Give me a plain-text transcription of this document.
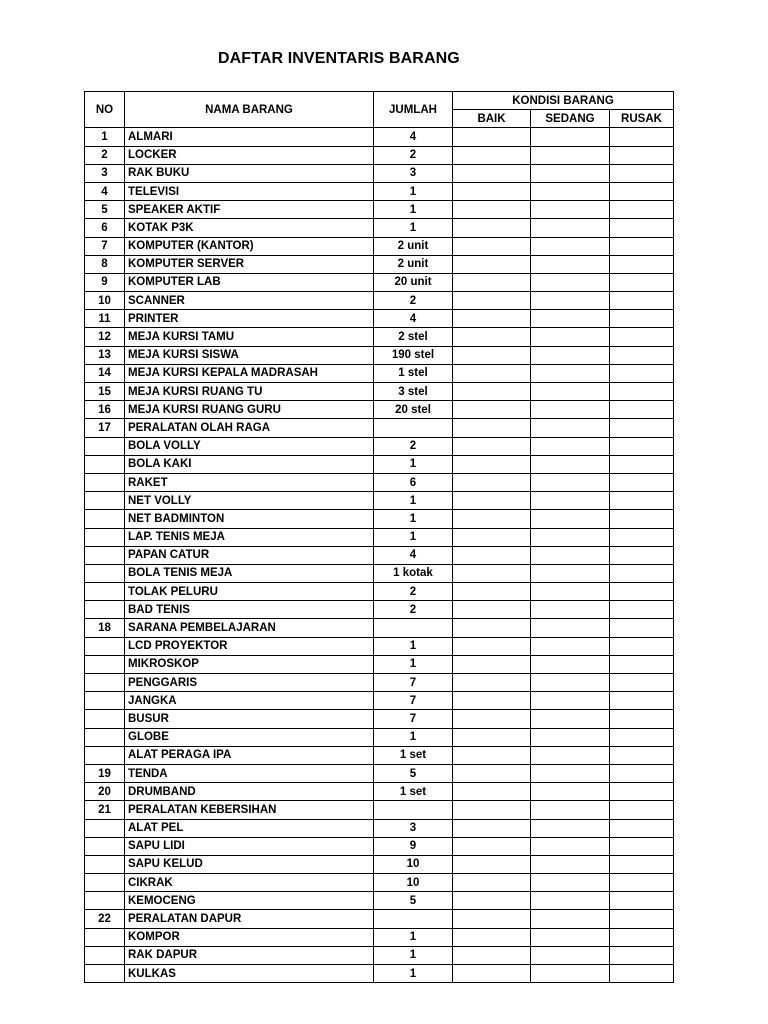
DAFTAR INVENTARIS BARANG
NO	NAMA BARANG	JUMLAH	KONDISI BARANG		
			BAIK	SEDANG	RUSAK
1	ALMARI	4			
2	LOCKER	2			
3	RAK BUKU	3			
4	TELEVISI	1			
5	SPEAKER AKTIF	1			
6	KOTAK P3K	1			
7	KOMPUTER (KANTOR)	2 unit			
8	KOMPUTER SERVER	2 unit			
9	KOMPUTER LAB	20 unit			
10	SCANNER	2			
11	PRINTER	4			
12	MEJA KURSI TAMU	2 stel			
13	MEJA KURSI SISWA	190 stel			
14	MEJA KURSI KEPALA MADRASAH	1 stel			
15	MEJA KURSI RUANG TU	3 stel			
16	MEJA KURSI RUANG GURU	20 stel			
17	PERALATAN OLAH RAGA				
	BOLA VOLLY	2			
	BOLA KAKI	1			
	RAKET	6			
	NET VOLLY	1			
	NET BADMINTON	1			
	LAP. TENIS MEJA	1			
	PAPAN CATUR	4			
	BOLA TENIS MEJA	1 kotak			
	TOLAK PELURU	2			
	BAD TENIS	2			
18	SARANA PEMBELAJARAN				
	LCD PROYEKTOR	1			
	MIKROSKOP	1			
	PENGGARIS	7			
	JANGKA	7			
	BUSUR	7			
	GLOBE	1			
	ALAT PERAGA IPA	1 set			
19	TENDA	5			
20	DRUMBAND	1 set			
21	PERALATAN KEBERSIHAN				
	ALAT PEL	3			
	SAPU LIDI	9			
	SAPU KELUD	10			
	CIKRAK	10			
	KEMOCENG	5			
22	PERALATAN DAPUR				
	KOMPOR	1			
	RAK DAPUR	1			
	KULKAS	1			
